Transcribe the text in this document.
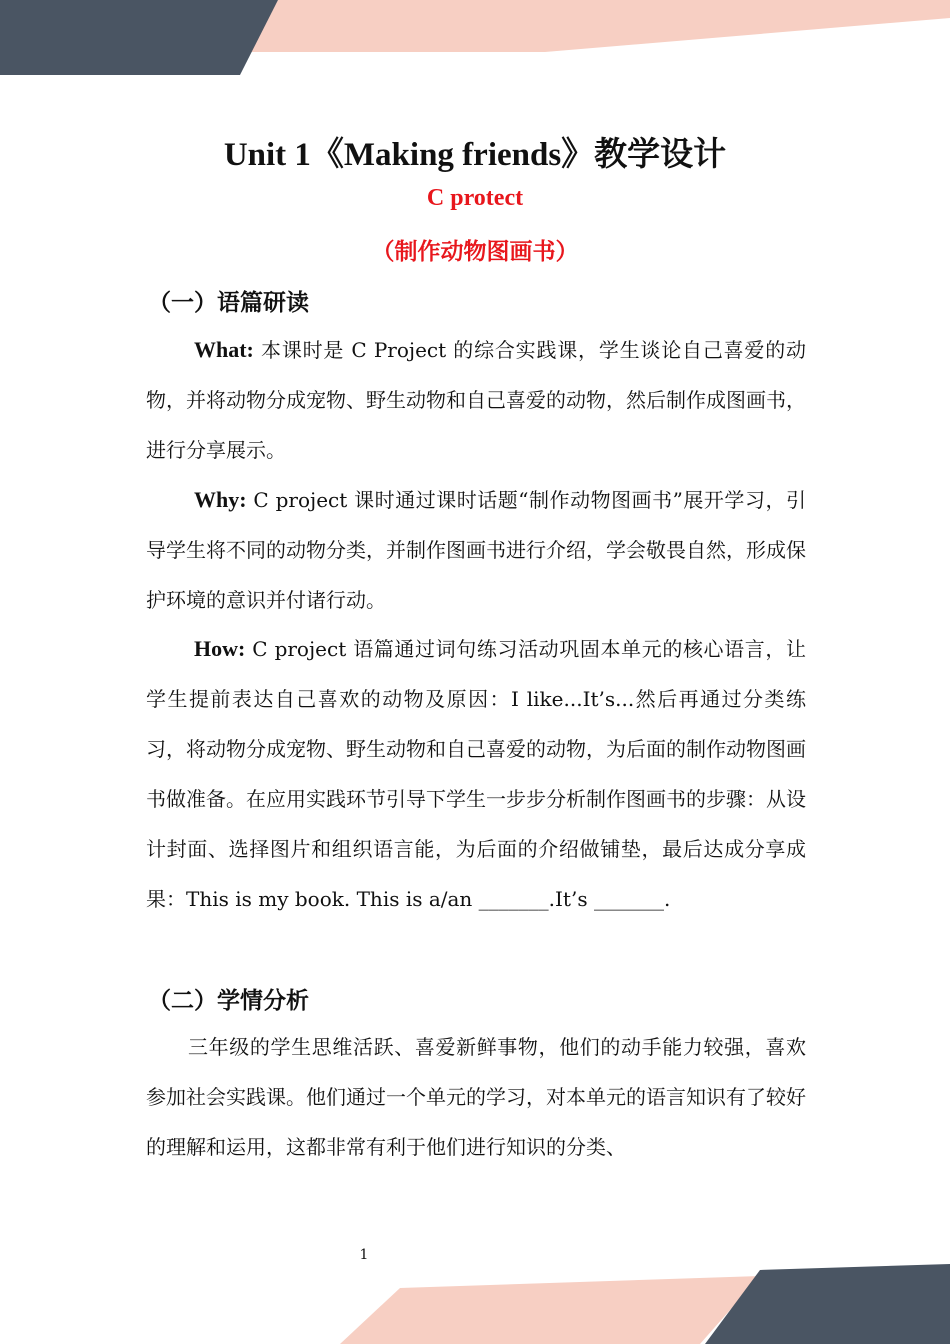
Unit 1《Making friends》教学设计
C protect
（制作动物图画书）
（一）语篇研读
What: 本课时是 C Project 的综合实践课，学生谈论自己喜爱的动物，并将动物分成宠物、野生动物和自己喜爱的动物，然后制作成图画书，进行分享展示。
Why: C project 课时通过课时话题“制作动物图画书”展开学习，引导学生将不同的动物分类，并制作图画书进行介绍，学会敬畏自然，形成保护环境的意识并付诸行动。
How: C project 语篇通过词句练习活动巩固本单元的核心语言，让学生提前表达自己喜欢的动物及原因：I like...It’s...然后再通过分类练习，将动物分成宠物、野生动物和自己喜爱的动物，为后面的制作动物图画书做准备。在应用实践环节引导下学生一步步分析制作图画书的步骤：从设计封面、选择图片和组织语言能，为后面的介绍做铺垫，最后达成分享成果：This is my book. This is a/an _______.It’s _______.
（二）学情分析
三年级的学生思维活跃、喜爱新鲜事物，他们的动手能力较强，喜欢参加社会实践课。他们通过一个单元的学习，对本单元的语言知识有了较好的理解和运用，这都非常有利于他们进行知识的分类、
1
